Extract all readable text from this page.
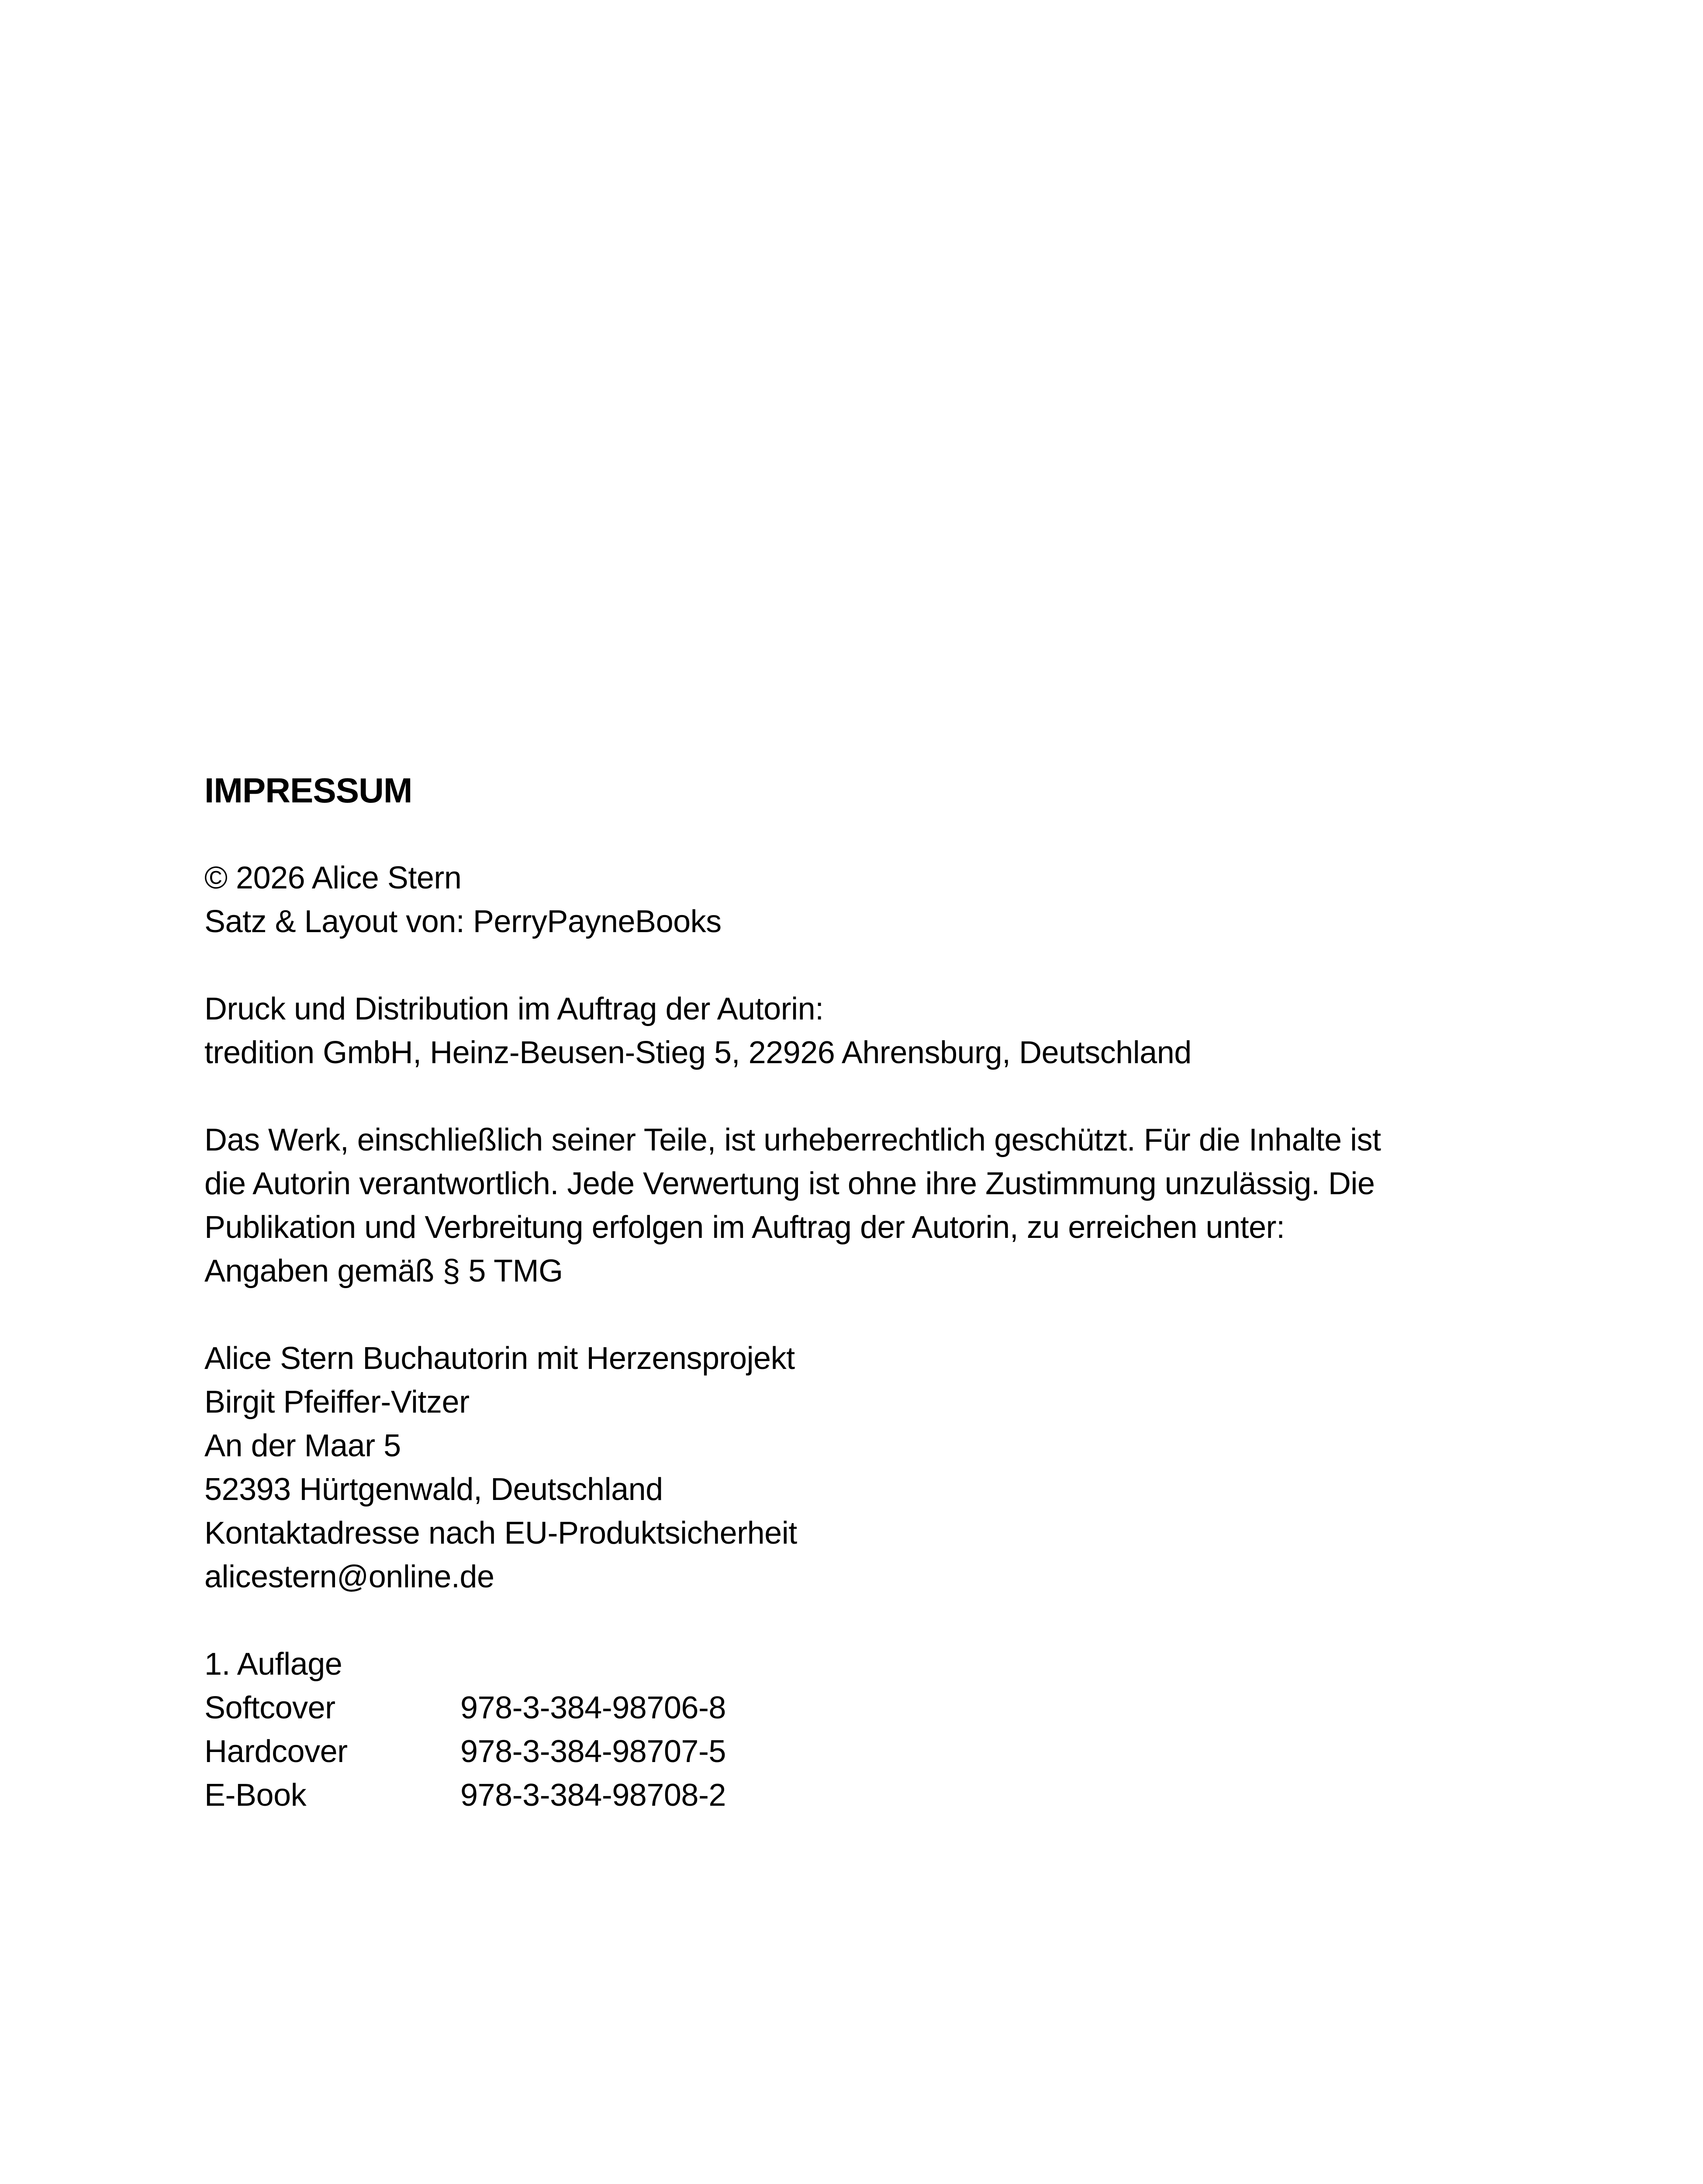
IMPRESSUM
© 2026 Alice Stern
Satz & Layout von: PerryPayneBooks
Druck und Distribution im Auftrag der Autorin:
tredition GmbH, Heinz-Beusen-Stieg 5, 22926 Ahrensburg, Deutschland
Das Werk, einschließlich seiner Teile, ist urheberrechtlich geschützt. Für die Inhalte ist
die Autorin verantwortlich. Jede Verwertung ist ohne ihre Zustimmung unzulässig. Die
Publikation und Verbreitung erfolgen im Auftrag der Autorin, zu erreichen unter:
Angaben gemäß § 5 TMG
Alice Stern Buchautorin mit Herzensprojekt
Birgit Pfeiffer-Vitzer
An der Maar 5
52393 Hürtgenwald, Deutschland
Kontaktadresse nach EU-Produktsicherheit
alicestern@online.de
1. Auflage
Softcover	978-3-384-98706-8
Hardcover	978-3-384-98707-5
E-Book	978-3-384-98708-2
